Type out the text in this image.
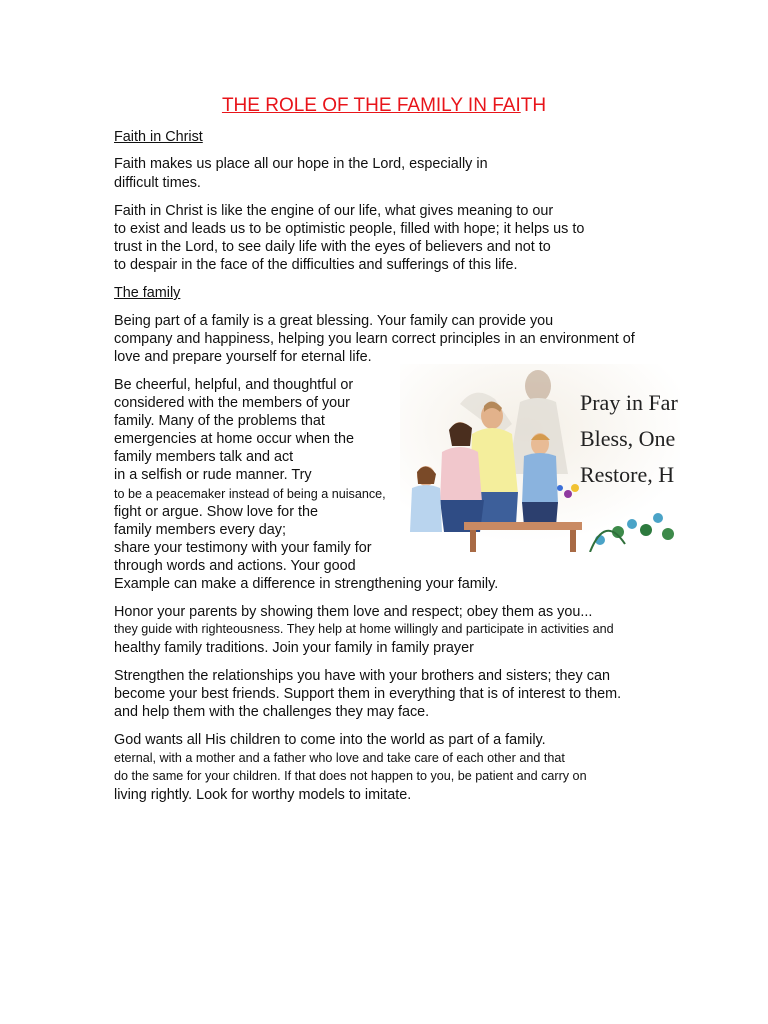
THE ROLE OF THE FAMILY IN FAITH
Faith in Christ
Faith makes us place all our hope in the Lord, especially in
difficult times.
Faith in Christ is like the engine of our life, what gives meaning to our
to exist and leads us to be optimistic people, filled with hope; it helps us to
trust in the Lord, to see daily life with the eyes of believers and not to
to despair in the face of the difficulties and sufferings of this life.
The family
Being part of a family is a great blessing. Your family can provide you
company and happiness, helping you learn correct principles in an environment of
love and prepare yourself for eternal life.
Be cheerful, helpful, and thoughtful or
considered with the members of your
family. Many of the problems that
emergencies at home occur when the
family members talk and act
in a selfish or rude manner. Try
to be a peacemaker instead of being a nuisance,
fight or argue. Show love for the
family members every day;
share your testimony with your family for
through words and actions. Your good
Example can make a difference in strengthening your family.
Honor your parents by showing them love and respect; obey them as you...
they guide with righteousness. They help at home willingly and participate in activities and
healthy family traditions. Join your family in family prayer
Strengthen the relationships you have with your brothers and sisters; they can
become your best friends. Support them in everything that is of interest to them.
and help them with the challenges they may face.
God wants all His children to come into the world as part of a family.
eternal, with a mother and a father who love and take care of each other and that
do the same for your children. If that does not happen to you, be patient and carry on
living rightly. Look for worthy models to imitate.
Pray in Far
Bless, One
Restore, H
